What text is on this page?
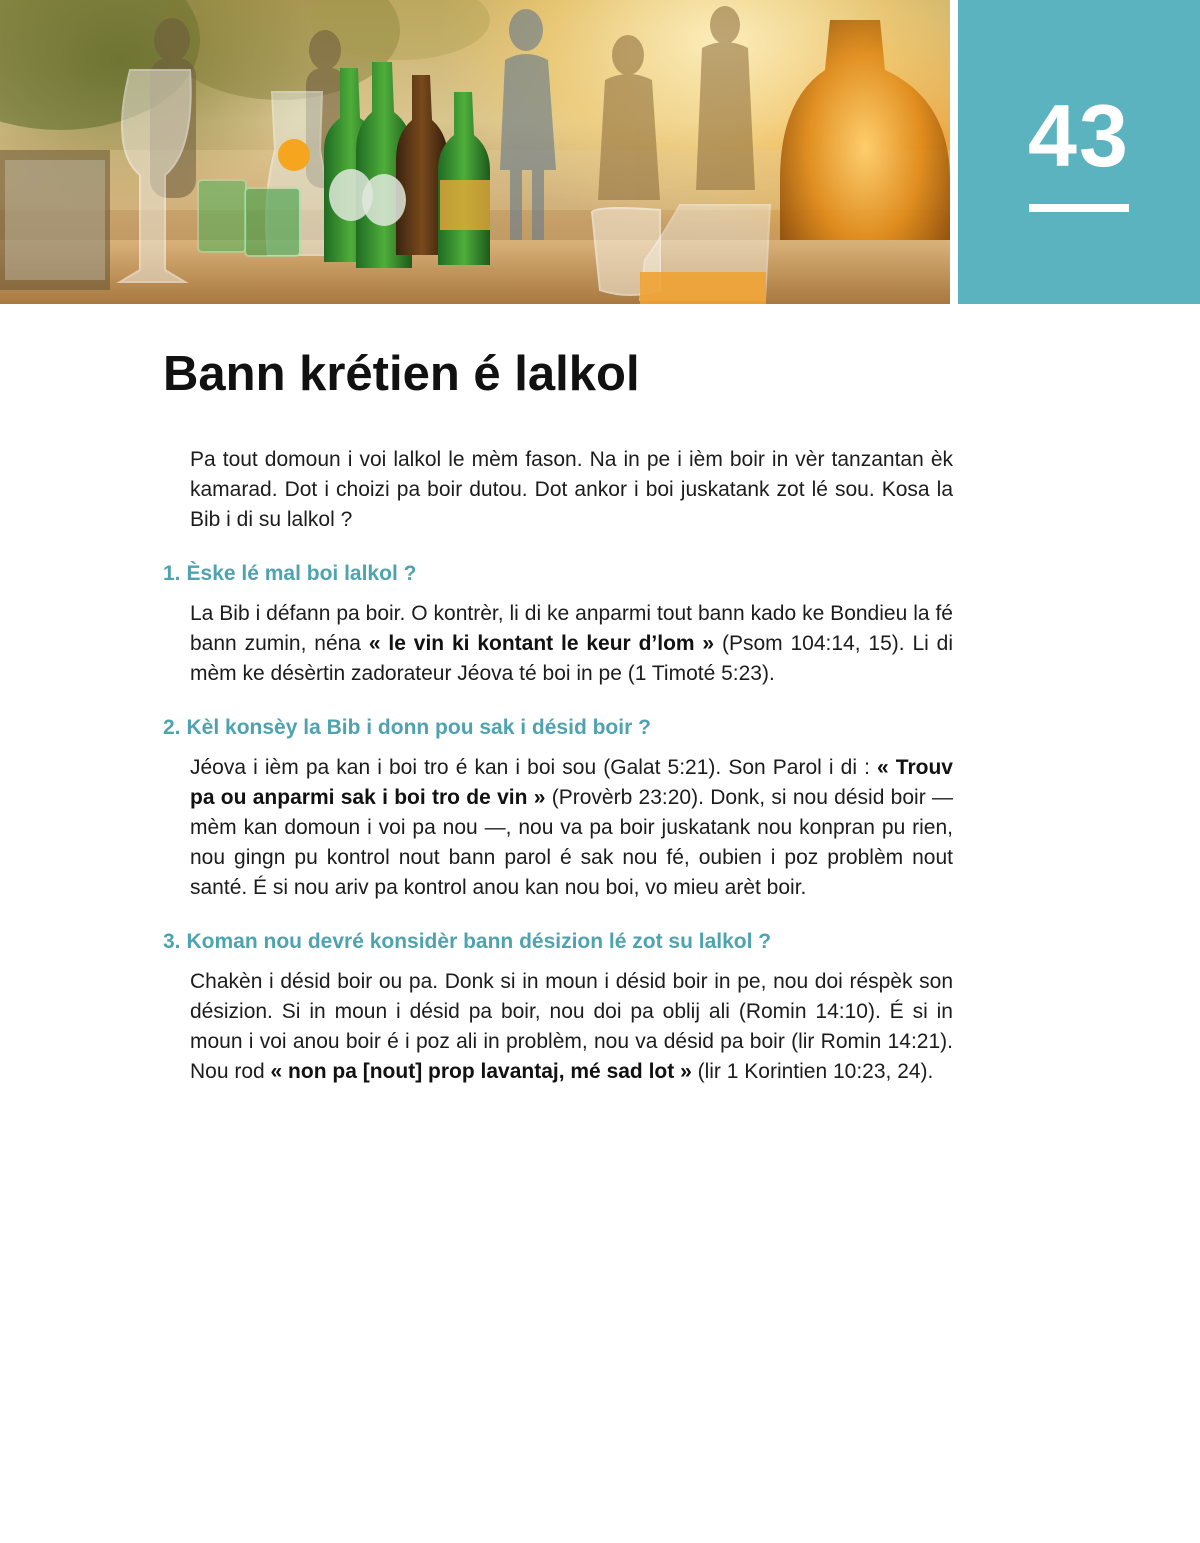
43
Bann krétien é lalkol

Pa tout domoun i voi lalkol le mèm fason. Na in pe i ièm boir in vèr tanzantan èk kamarad. Dot i choizi pa boir dutou. Dot ankor i boi juskatank zot lé sou. Kosa la Bib i di su lalkol ?

1. Èske lé mal boi lalkol ?

La Bib i défann pa boir. O kontrèr, li di ke anparmi tout bann kado ke Bondieu la fé bann zumin, néna « le vin ki kontant le keur d’lom » (Psom 104:14, 15). Li di mèm ke désèrtin zadorateur Jéova té boi in pe (1 Timoté 5:23).

2. Kèl konsèy la Bib i donn pou sak i désid boir ?

Jéova i ièm pa kan i boi tro é kan i boi sou (Galat 5:21). Son Parol i di : « Trouv pa ou anparmi sak i boi tro de vin » (Provèrb 23:20). Donk, si nou désid boir — mèm kan domoun i voi pa nou —, nou va pa boir juskatank nou konpran pu rien, nou gingn pu kontrol nout bann parol é sak nou fé, oubien i poz problèm nout santé. É si nou ariv pa kontrol anou kan nou boi, vo mieu arèt boir.

3. Koman nou devré konsidèr bann désizion lé zot su lalkol ?

Chakèn i désid boir ou pa. Donk si in moun i désid boir in pe, nou doi réspèk son désizion. Si in moun i désid pa boir, nou doi pa oblij ali (Romin 14:10). É si in moun i voi anou boir é i poz ali in problèm, nou va désid pa boir (lir Romin 14:21). Nou rod « non pa [nout] prop lavantaj, mé sad lot » (lir 1 Korintien 10:23, 24).
